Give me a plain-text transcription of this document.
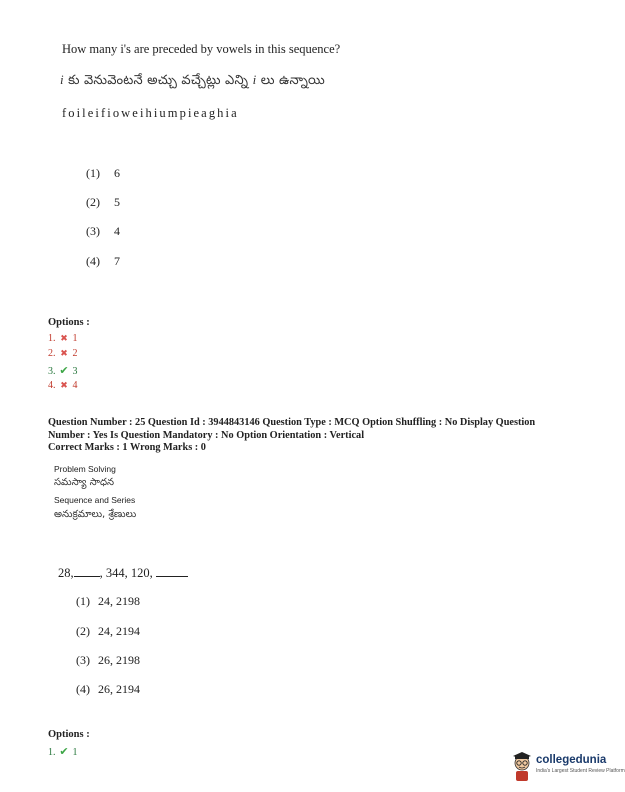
How many i's are preceded by vowels in this sequence?
i కు వెనువెంటనే అచ్చు వచ్చేట్లు ఎన్ని i లు ఉన్నాయి
foileifioweihiumpieaghia
(1) 6
(2) 5
(3) 4
(4) 7
Options :
1. ✖ 1
2. ✖ 2
3. ✔ 3
4. ✖ 4
Question Number : 25 Question Id : 3944843146 Question Type : MCQ Option Shuffling : No Display Question
Number : Yes Is Question Mandatory : No Option Orientation : Vertical
Correct Marks : 1 Wrong Marks : 0
Problem Solving
సమస్యా సాధన
Sequence and Series
అనుక్రమాలు, శ్రేణులు
28, , 344, 120,
(1) 24, 2198
(2) 24, 2194
(3) 26, 2198
(4) 26, 2194
Options :
1. ✔ 1
collegedunia
India's Largest Student Review Platform
